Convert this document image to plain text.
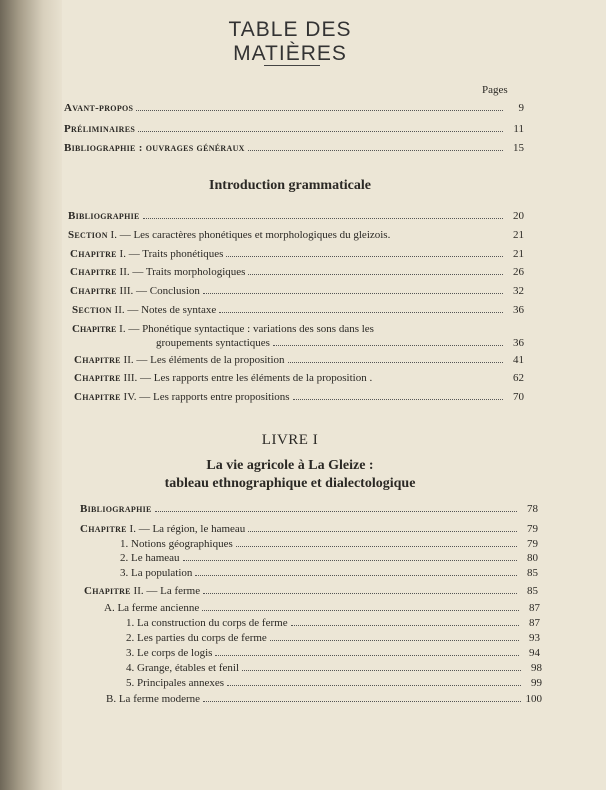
TABLE DES MATIÈRES
Pages
Avant-propos	9
Préliminaires	11
Bibliographie : ouvrages généraux	15
Introduction grammaticale
Bibliographie	20
Section I. — Les caractères phonétiques et morphologiques du gleizois.	21
Chapitre I. — Traits phonétiques	21
Chapitre II. — Traits morphologiques	26
Chapitre III. — Conclusion	32
Section II. — Notes de syntaxe	36
Chapitre I. — Phonétique syntactique : variations des sons dans les
groupements syntactiques	36
Chapitre II. — Les éléments de la proposition	41
Chapitre III. — Les rapports entre les éléments de la proposition .	62
Chapitre IV. — Les rapports entre propositions	70
LIVRE I
La vie agricole à La Gleize :
tableau ethnographique et dialectologique
Bibliographie	78
Chapitre I. — La région, le hameau	79
1. Notions géographiques	79
2. Le hameau	80
3. La population	85
Chapitre II. — La ferme	85
A. La ferme ancienne	87
1. La construction du corps de ferme	87
2. Les parties du corps de ferme	93
3. Le corps de logis	94
4. Grange, étables et fenil	98
5. Principales annexes	99
B. La ferme moderne	100
